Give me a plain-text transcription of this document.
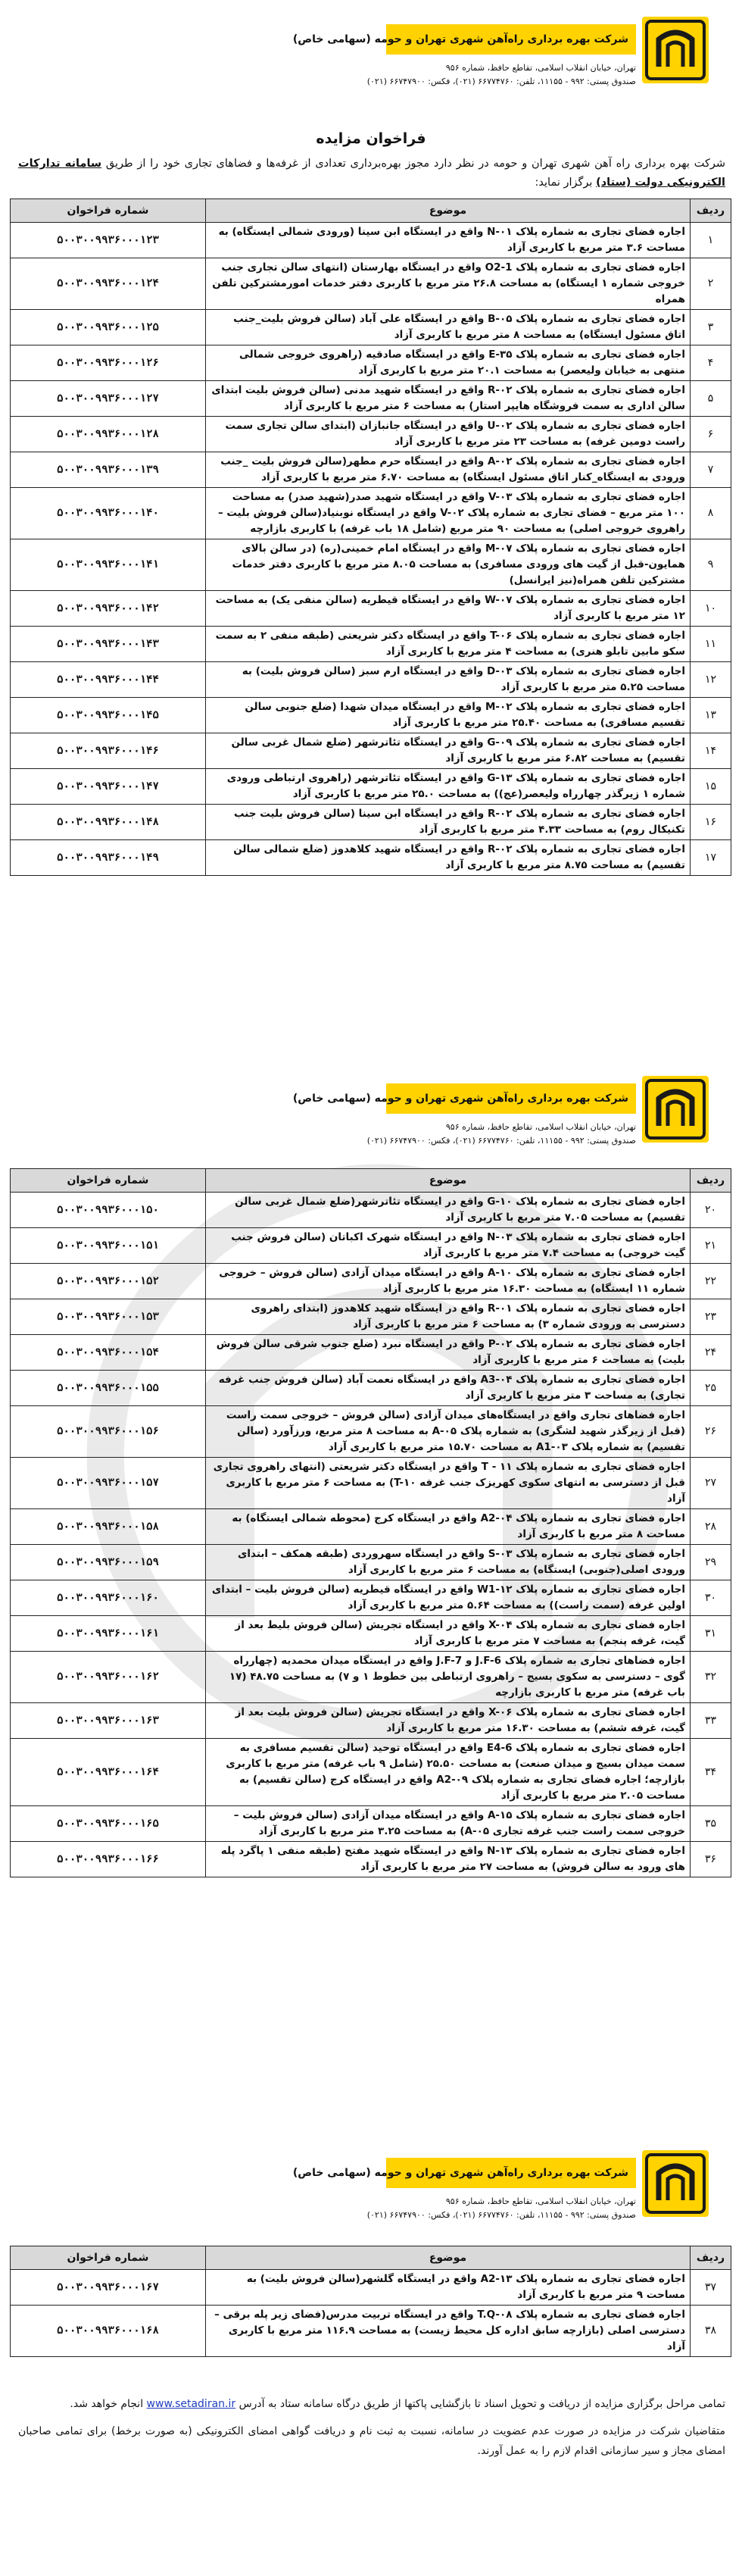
شرکت بهره برداری راه‌آهن شهری تهران و حومه (سهامی خاص)
تهران، خیابان انقلاب اسلامی، تقاطع حافظ، شماره ۹۵۶
صندوق پستی: ۹۹۲ - ۱۱۱۵۵، تلفن: ۶۶۷۷۴۷۶۰ (۰۲۱)، فکس: ۶۶۷۴۷۹۰۰ (۰۲۱)
فراخوان مزایده
شرکت بهره برداری راه آهن شهری تهران و حومه در نظر دارد مجوز بهره‌برداری تعدادی از غرفه‌ها و فضاهای تجاری خود را از طریق سامانه تدارکات الکترونیکی دولت (ستاد) برگزار نماید:
ردیف	موضوع	شماره فراخوان
۱	اجاره فضای تجاری به شماره پلاک N-۰۱ واقع در ایستگاه ابن سینا (ورودی شمالی ایستگاه) به مساحت ۳.۶ متر مربع با کاربری آزاد	۵۰۰۳۰۰۹۹۳۶۰۰۰۱۲۳
۲	اجاره فضای تجاری به شماره پلاک O2-1 واقع در ایستگاه بهارستان (انتهای سالن تجاری جنب خروجی شماره ۱ ایستگاه) به مساحت ۲۶.۸ متر مربع با کاربری دفتر خدمات امورمشترکین تلفن همراه	۵۰۰۳۰۰۹۹۳۶۰۰۰۱۲۴
۳	اجاره فضای تجاری به شماره پلاک B-۰۵ واقع در ایستگاه علی آباد (سالن فروش بلیت_جنب اتاق مسئول ایستگاه) به مساحت ۸ متر مربع با کاربری آزاد	۵۰۰۳۰۰۹۹۳۶۰۰۰۱۲۵
۴	اجاره فضای تجاری به شماره پلاک E-۳۵ واقع در ایستگاه صادقیه (راهروی خروجی شمالی منتهی به خیابان ولیعصر) به مساحت ۲۰.۱ متر مربع با کاربری آزاد	۵۰۰۳۰۰۹۹۳۶۰۰۰۱۲۶
۵	اجاره فضای تجاری به شماره پلاک R-۰۲ واقع در ایستگاه شهید مدنی (سالن فروش بلیت ابتدای سالن اداری به سمت فروشگاه هایپر استار) به مساحت ۶ متر مربع با کاربری آزاد	۵۰۰۳۰۰۹۹۳۶۰۰۰۱۲۷
۶	اجاره فضای تجاری به شماره پلاک U-۰۲ واقع در ایستگاه جانبازان (ابتدای سالن تجاری سمت راست دومین غرفه) به مساحت ۲۳ متر مربع با کاربری آزاد	۵۰۰۳۰۰۹۹۳۶۰۰۰۱۲۸
۷	اجاره فضای تجاری به شماره پلاک A-۰۲ واقع در ایستگاه حرم مطهر(سالن فروش بلیت _جنب ورودی به ایستگاه_کنار اتاق مسئول ایستگاه) به مساحت ۶.۷۰ متر مربع با کاربری آزاد	۵۰۰۳۰۰۹۹۳۶۰۰۰۱۳۹
۸	اجاره فضای تجاری به شماره پلاک V-۰۳ واقع در ایستگاه شهید صدر(شهید صدر) به مساحت ۱۰۰ متر مربع – فضای تجاری به شماره پلاک V-۰۲ واقع در ایستگاه نوبنیاد(سالن فروش بلیت – راهروی خروجی اصلی) به مساحت ۹۰ متر مربع (شامل ۱۸ باب غرفه) با کاربری بازارچه	۵۰۰۳۰۰۹۹۳۶۰۰۰۱۴۰
۹	اجاره فضای تجاری به شماره پلاک M-۰۷ واقع در ایستگاه امام خمینی(ره) (در سالن بالای همایون-قبل از گیت های ورودی مسافری) به مساحت ۸.۰۵ متر مربع با کاربری دفتر خدمات مشترکین تلفن همراه(نیز ایرانسل)	۵۰۰۳۰۰۹۹۳۶۰۰۰۱۴۱
۱۰	اجاره فضای تجاری به شماره پلاک W-۰۷ واقع در ایستگاه قیطریه (سالن منفی یک) به مساحت ۱۲ متر مربع با کاربری آزاد	۵۰۰۳۰۰۹۹۳۶۰۰۰۱۴۲
۱۱	اجاره فضای تجاری به شماره پلاک T-۰۶ واقع در ایستگاه دکتر شریعتی (طبقه منفی ۲ به سمت سکو مابین تابلو هنری) به مساحت ۴ متر مربع با کاربری آزاد	۵۰۰۳۰۰۹۹۳۶۰۰۰۱۴۳
۱۲	اجاره فضای تجاری به شماره پلاک D-۰۳ واقع در ایستگاه ارم سبز (سالن فروش بلیت) به مساحت ۵.۲۵ متر مربع با کاربری آزاد	۵۰۰۳۰۰۹۹۳۶۰۰۰۱۴۴
۱۳	اجاره فضای تجاری به شماره پلاک M-۰۲ واقع در ایستگاه میدان شهدا (ضلع جنوبی سالن تقسیم مسافری) به مساحت ۲۵.۴۰ متر مربع با کاربری آزاد	۵۰۰۳۰۰۹۹۳۶۰۰۰۱۴۵
۱۴	اجاره فضای تجاری به شماره پلاک G-۰۹ واقع در ایستگاه تئاترشهر (ضلع شمال غربی سالن تقسیم) به مساحت ۶.۸۲ متر مربع با کاربری آزاد	۵۰۰۳۰۰۹۹۳۶۰۰۰۱۴۶
۱۵	اجاره فضای تجاری به شماره پلاک G-۱۳ واقع در ایستگاه تئاترشهر (راهروی ارتباطی ورودی شماره ۱ زیرگذر چهارراه ولیعصر(عج)) به مساحت ۲۵.۰ متر مربع با کاربری آزاد	۵۰۰۳۰۰۹۹۳۶۰۰۰۱۴۷
۱۶	اجاره فضای تجاری به شماره پلاک R-۰۲ واقع در ایستگاه ابن سینا (سالن فروش بلیت جنب تکنیکال روم) به مساحت ۴.۳۳ متر مربع با کاربری آزاد	۵۰۰۳۰۰۹۹۳۶۰۰۰۱۴۸
۱۷	اجاره فضای تجاری به شماره پلاک R-۰۲ واقع در ایستگاه شهید کلاهدوز (ضلع شمالی سالن تقسیم) به مساحت ۸.۷۵ متر مربع با کاربری آزاد	۵۰۰۳۰۰۹۹۳۶۰۰۰۱۴۹
شرکت بهره برداری راه‌آهن شهری تهران و حومه (سهامی خاص)
تهران، خیابان انقلاب اسلامی، تقاطع حافظ، شماره ۹۵۶
صندوق پستی: ۹۹۲ - ۱۱۱۵۵، تلفن: ۶۶۷۷۴۷۶۰ (۰۲۱)، فکس: ۶۶۷۴۷۹۰۰ (۰۲۱)
ردیف	موضوع	شماره فراخوان
۲۰	اجاره فضای تجاری به شماره پلاک G-۱۰ واقع در ایستگاه تئاترشهر(ضلع شمال غربی سالن تقسیم) به مساحت ۷.۰۵ متر مربع با کاربری آزاد	۵۰۰۳۰۰۹۹۳۶۰۰۰۱۵۰
۲۱	اجاره فضای تجاری به شماره پلاک N-۰۳ واقع در ایستگاه شهرک اکباتان (سالن فروش جنب گیت خروجی) به مساحت ۷.۴ متر مربع با کاربری آزاد	۵۰۰۳۰۰۹۹۳۶۰۰۰۱۵۱
۲۲	اجاره فضای تجاری به شماره پلاک A-۱۰ واقع در ایستگاه میدان آزادی (سالن فروش – خروجی شماره ۱۱ ایستگاه) به مساحت ۱۶.۳۰ متر مربع با کاربری آزاد	۵۰۰۳۰۰۹۹۳۶۰۰۰۱۵۲
۲۳	اجاره فضای تجاری به شماره پلاک R-۰۱ واقع در ایستگاه شهید کلاهدوز (ابتدای راهروی دسترسی به ورودی شماره ۳) به مساحت ۶ متر مربع با کاربری آزاد	۵۰۰۳۰۰۹۹۳۶۰۰۰۱۵۳
۲۴	اجاره فضای تجاری به شماره پلاک P-۰۲ واقع در ایستگاه نبرد (ضلع جنوب شرقی سالن فروش بلیت) به مساحت ۶ متر مربع با کاربری آزاد	۵۰۰۳۰۰۹۹۳۶۰۰۰۱۵۴
۲۵	اجاره فضای تجاری به شماره پلاک A3-۰۴ واقع در ایستگاه نعمت آباد (سالن فروش جنب غرفه تجاری) به مساحت ۳ متر مربع با کاربری آزاد	۵۰۰۳۰۰۹۹۳۶۰۰۰۱۵۵
۲۶	اجاره فضاهای تجاری واقع در ایستگاه‌های میدان آزادی (سالن فروش – خروجی سمت راست (قبل از زیرگذر شهید لشگری) به شماره پلاک A-۰۵ به مساحت ۸ متر مربع، ورزآورد (سالن تقسیم) به شماره پلاک A1-۰۳ به مساحت ۱۵.۷۰ متر مربع با کاربری آزاد	۵۰۰۳۰۰۹۹۳۶۰۰۰۱۵۶
۲۷	اجاره فضای تجاری به شماره پلاک T - ۱۱ واقع در ایستگاه دکتر شریعتی (انتهای راهروی تجاری قبل از دسترسی به انتهای سکوی کهریزک جنب غرفه T-۱۰) به مساحت ۶ متر مربع با کاربری آزاد	۵۰۰۳۰۰۹۹۳۶۰۰۰۱۵۷
۲۸	اجاره فضای تجاری به شماره پلاک A2-۰۴ واقع در ایستگاه کرج (محوطه شمالی ایستگاه) به مساحت ۸ متر مربع با کاربری آزاد	۵۰۰۳۰۰۹۹۳۶۰۰۰۱۵۸
۲۹	اجاره فضای تجاری به شماره پلاک S-۰۳ واقع در ایستگاه سهروردی (طبقه همکف – ابتدای ورودی اصلی(جنوبی) ایستگاه) به مساحت ۶ متر مربع با کاربری آزاد	۵۰۰۳۰۰۹۹۳۶۰۰۰۱۵۹
۳۰	اجاره فضای تجاری به شماره پلاک W1-۱۲ واقع در ایستگاه قیطریه (سالن فروش بلیت – ابتدای اولین غرفه (سمت راست)) به مساحت ۵.۶۴ متر مربع با کاربری آزاد	۵۰۰۳۰۰۹۹۳۶۰۰۰۱۶۰
۳۱	اجاره فضای تجاری به شماره پلاک X-۰۴ واقع در ایستگاه تجریش (سالن فروش بلیط بعد از گیت، غرفه پنجم) به مساحت ۷ متر مربع با کاربری آزاد	۵۰۰۳۰۰۹۹۳۶۰۰۰۱۶۱
۳۲	اجاره فضاهای تجاری به شماره پلاک J.F-6 و J.F-7 واقع در ایستگاه میدان محمدیه (چهارراه گوی – دسترسی به سکوی بسیج – راهروی ارتباطی بین خطوط ۱ و ۷) به مساحت ۴۸.۷۵ (۱۷ باب غرفه) متر مربع با کاربری بازارچه	۵۰۰۳۰۰۹۹۳۶۰۰۰۱۶۲
۳۳	اجاره فضای تجاری به شماره پلاک X-۰۶ واقع در ایستگاه تجریش (سالن فروش بلیت بعد از گیت، غرفه ششم) به مساحت ۱۶.۳۰ متر مربع با کاربری آزاد	۵۰۰۳۰۰۹۹۳۶۰۰۰۱۶۳
۳۴	اجاره فضای تجاری به شماره پلاک E4-6 واقع در ایستگاه توحید (سالن تقسیم مسافری به سمت میدان بسیج و میدان صنعت) به مساحت ۲۵.۵۰ (شامل ۹ باب غرفه) متر مربع با کاربری بازارچه؛ اجاره فضای تجاری به شماره پلاک A2-۰۹ واقع در ایستگاه کرج (سالن تقسیم) به مساحت ۲.۰۵ متر مربع با کاربری آزاد	۵۰۰۳۰۰۹۹۳۶۰۰۰۱۶۴
۳۵	اجاره فضای تجاری به شماره پلاک A-۱۵ واقع در ایستگاه میدان آزادی (سالن فروش بلیت – خروجی سمت راست جنب غرفه تجاری A-۰۵) به مساحت ۳.۲۵ متر مربع با کاربری آزاد	۵۰۰۳۰۰۹۹۳۶۰۰۰۱۶۵
۳۶	اجاره فضای تجاری به شماره پلاک N-۱۳ واقع در ایستگاه شهید مفتح (طبقه منفی ۱ پاگرد پله های ورود به سالن فروش) به مساحت ۲۷ متر مربع با کاربری آزاد	۵۰۰۳۰۰۹۹۳۶۰۰۰۱۶۶
شرکت بهره برداری راه‌آهن شهری تهران و حومه (سهامی خاص)
تهران، خیابان انقلاب اسلامی، تقاطع حافظ، شماره ۹۵۶
صندوق پستی: ۹۹۲ - ۱۱۱۵۵، تلفن: ۶۶۷۷۴۷۶۰ (۰۲۱)، فکس: ۶۶۷۴۷۹۰۰ (۰۲۱)
ردیف	موضوع	شماره فراخوان
۳۷	اجاره فضای تجاری به شماره پلاک A2-۱۳ واقع در ایستگاه گلشهر(سالن فروش بلیت) به مساحت ۹ متر مربع با کاربری آزاد	۵۰۰۳۰۰۹۹۳۶۰۰۰۱۶۷
۳۸	اجاره فضای تجاری به شماره پلاک T.Q-۰۸ واقع در ایستگاه تربیت مدرس(فضای زیر پله برقی – دسترسی اصلی (بازارچه سابق اداره کل محیط زیست) به مساحت ۱۱۶.۹ متر مربع با کاربری آزاد	۵۰۰۳۰۰۹۹۳۶۰۰۰۱۶۸

تمامی مراحل برگزاری مزایده از دریافت و تحویل اسناد تا بازگشایی پاکتها از طریق درگاه سامانه ستاد به آدرس www.setadiran.ir انجام خواهد شد.

متقاضیان شرکت در مزایده در صورت عدم عضویت در سامانه، نسبت به ثبت نام و دریافت گواهی امضای الکترونیکی (به صورت برخط) برای تمامی صاحبان امضای مجاز و سیر سازمانی اقدام لازم را به عمل آورند.
